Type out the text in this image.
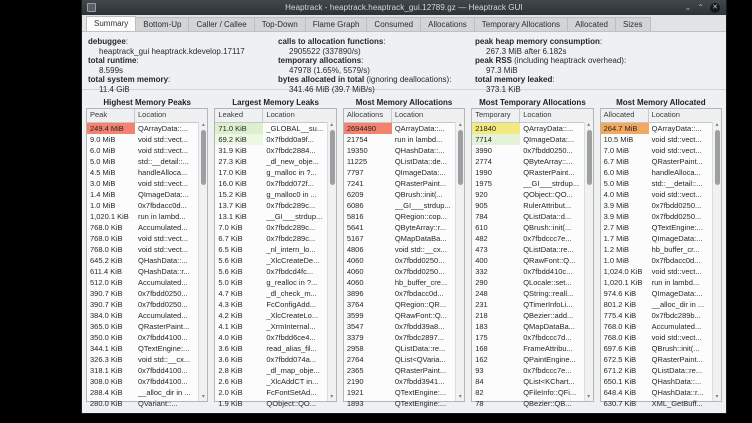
Heaptrack - heaptrack.heaptrack_gui.12789.gz — Heaptrack GUI	⌄ ⌃ ✕
Summary	Bottom-Up	Caller / Callee	Top-Down	Flame Graph	Consumed	Allocations	Temporary Allocations	Allocated	Sizes
debuggee:
heaptrack_gui heaptrack.kdevelop.17117
total runtime:
8.599s
total system memory:
11.4 GiB
calls to allocation functions:
2905522 (337890/s)
temporary allocations:
47978 (1.65%, 5579/s)
bytes allocated in total (ignoring deallocations):
341.46 MiB (39.7 MiB/s)
peak heap memory consumption:
267.3 MiB after 6.182s
peak RSS (including heaptrack overhead):
97.3 MiB
total memory leaked:
373.1 KiB
Highest Memory Peaks
Peak	Location
249.4 MiB	QArrayData::...
9.0 MiB	void std::vect...
6.0 MiB	void std::vect...
5.0 MiB	std::__detail::...
4.5 MiB	handleAlloca...
3.0 MiB	void std::vect...
1.4 MiB	QImageData:...
1.0 MiB	0x7fbdacc0d...
1,020.1 KiB	run in lambd...
768.0 KiB	Accumulated...
768.0 KiB	void std::vect...
768.0 KiB	void std::vect...
645.2 KiB	QHashData::...
611.4 KiB	QHashData::r...
512.0 KiB	Accumulated...
390.7 KiB	0x7fbdd0250...
390.7 KiB	0x7fbdd0250...
384.0 KiB	Accumulated...
365.0 KiB	QRasterPaint...
350.0 KiB	0x7fbdd4100...
344.1 KiB	QTextEngine:...
326.3 KiB	void std::__cx...
318.1 KiB	0x7fbdd4100...
308.0 KiB	0x7fbdd4100...
288.4 KiB	__alloc_dir in ...
280.0 KiB	QVariant::...
▴
▾
Largest Memory Leaks
Leaked	Location
71.0 KiB	_GLOBAL__su...
69.2 KiB	0x7fbdd0a9f...
31.9 KiB	0x7fbdc2884...
27.3 KiB	_dl_new_obje...
17.0 KiB	g_malloc in ?...
16.0 KiB	0x7fbdd072f...
15.2 KiB	g_malloc0 in ...
13.7 KiB	0x7fbdc289c...
13.1 KiB	__GI___strdup...
7.0 KiB	0x7fbdc289c...
6.7 KiB	0x7fbdc289c...
6.5 KiB	_nl_intern_lo...
5.6 KiB	_XlcCreateDe...
5.6 KiB	0x7fbdcd4fc...
5.0 KiB	g_realloc in ?...
4.7 KiB	_dl_check_m...
4.3 KiB	FcConfigAdd...
4.2 KiB	_XlcCreateLo...
4.1 KiB	_XrmInternal...
4.0 KiB	0x7fbdd6ce4...
3.6 KiB	read_alias_fil...
3.6 KiB	0x7fbdd074a...
2.8 KiB	_dl_map_obje...
2.6 KiB	_XlcAddCT in...
2.0 KiB	FcFontSetAd...
1.9 KiB	QObject::QO...
▴
▾
Most Memory Allocations
Allocations	Location
2694490	QArrayData::...
21754	run in lambd...
19350	QHashData::...
11225	QListData::de...
7797	QImageData:...
7241	QRasterPaint...
6209	QBrush::init(...
6086	__GI___strdup...
5816	QRegion::cop...
5641	QByteArray::r...
5167	QMapDataBa...
4806	void std::__cx...
4060	0x7fbdd0250...
4060	0x7fbdd0250...
4060	hb_buffer_cre...
3896	0x7fbdacc0d...
3764	QRegion::QR...
3599	QRawFont::Q...
3547	0x7fbdd39a8...
3379	0x7fbdc2897...
2958	QListData::re...
2764	QList<QVaria...
2365	QRasterPaint...
2190	0x7fbdd3941...
1921	QTextEngine:...
1893	QTextEngine:...
▴
▾
Most Temporary Allocations
Temporary	Location
21840	QArrayData::...
7714	QImageData:...
3990	0x7fbdd0250...
2774	QByteArray::...
1990	QRasterPaint...
1975	__GI___strdup...
920	QObject::QO...
905	RulerAttribut...
784	QListData::d...
610	QBrush::init(...
482	0x7fbdccc7e...
473	QListData::re...
400	QRawFont::Q...
332	0x7fbdd410c...
290	QLocale::set...
248	QString::reall...
231	QTimerInfoLi...
218	QBezier::add...
183	QMapDataBa...
175	0x7fbdccc7d...
168	FrameAttribu...
162	QPaintEngine...
93	0x7fbdccc7e...
84	QList<KChart...
82	QFileInfo::QFi...
78	QBezier::QB...
▴
▾
Most Memory Allocated
Allocated	Location
264.7 MiB	QArrayData::...
10.5 MiB	void std::vect...
7.0 MiB	void std::vect...
6.7 MiB	QRasterPaint...
6.0 MiB	handleAlloca...
5.0 MiB	std::__detail::...
4.0 MiB	void std::vect...
3.9 MiB	0x7fbdd0250...
3.9 MiB	0x7fbdd0250...
2.7 MiB	QTextEngine:...
1.7 MiB	QImageData:...
1.2 MiB	hb_buffer_cr...
1.0 MiB	0x7fbdacc0d...
1,024.0 KiB	void std::vect...
1,020.1 KiB	run in lambd...
974.6 KiB	QImageData:...
801.2 KiB	__alloc_dir in ...
775.4 KiB	0x7fbdc289b...
768.0 KiB	Accumulated...
768.0 KiB	void std::vect...
697.6 KiB	QBrush::init(...
672.5 KiB	QRasterPaint...
671.2 KiB	QListData::re...
650.1 KiB	QHashData::...
648.4 KiB	QHashData::r...
630.7 KiB	XML_GetBuff...
▴
▾
